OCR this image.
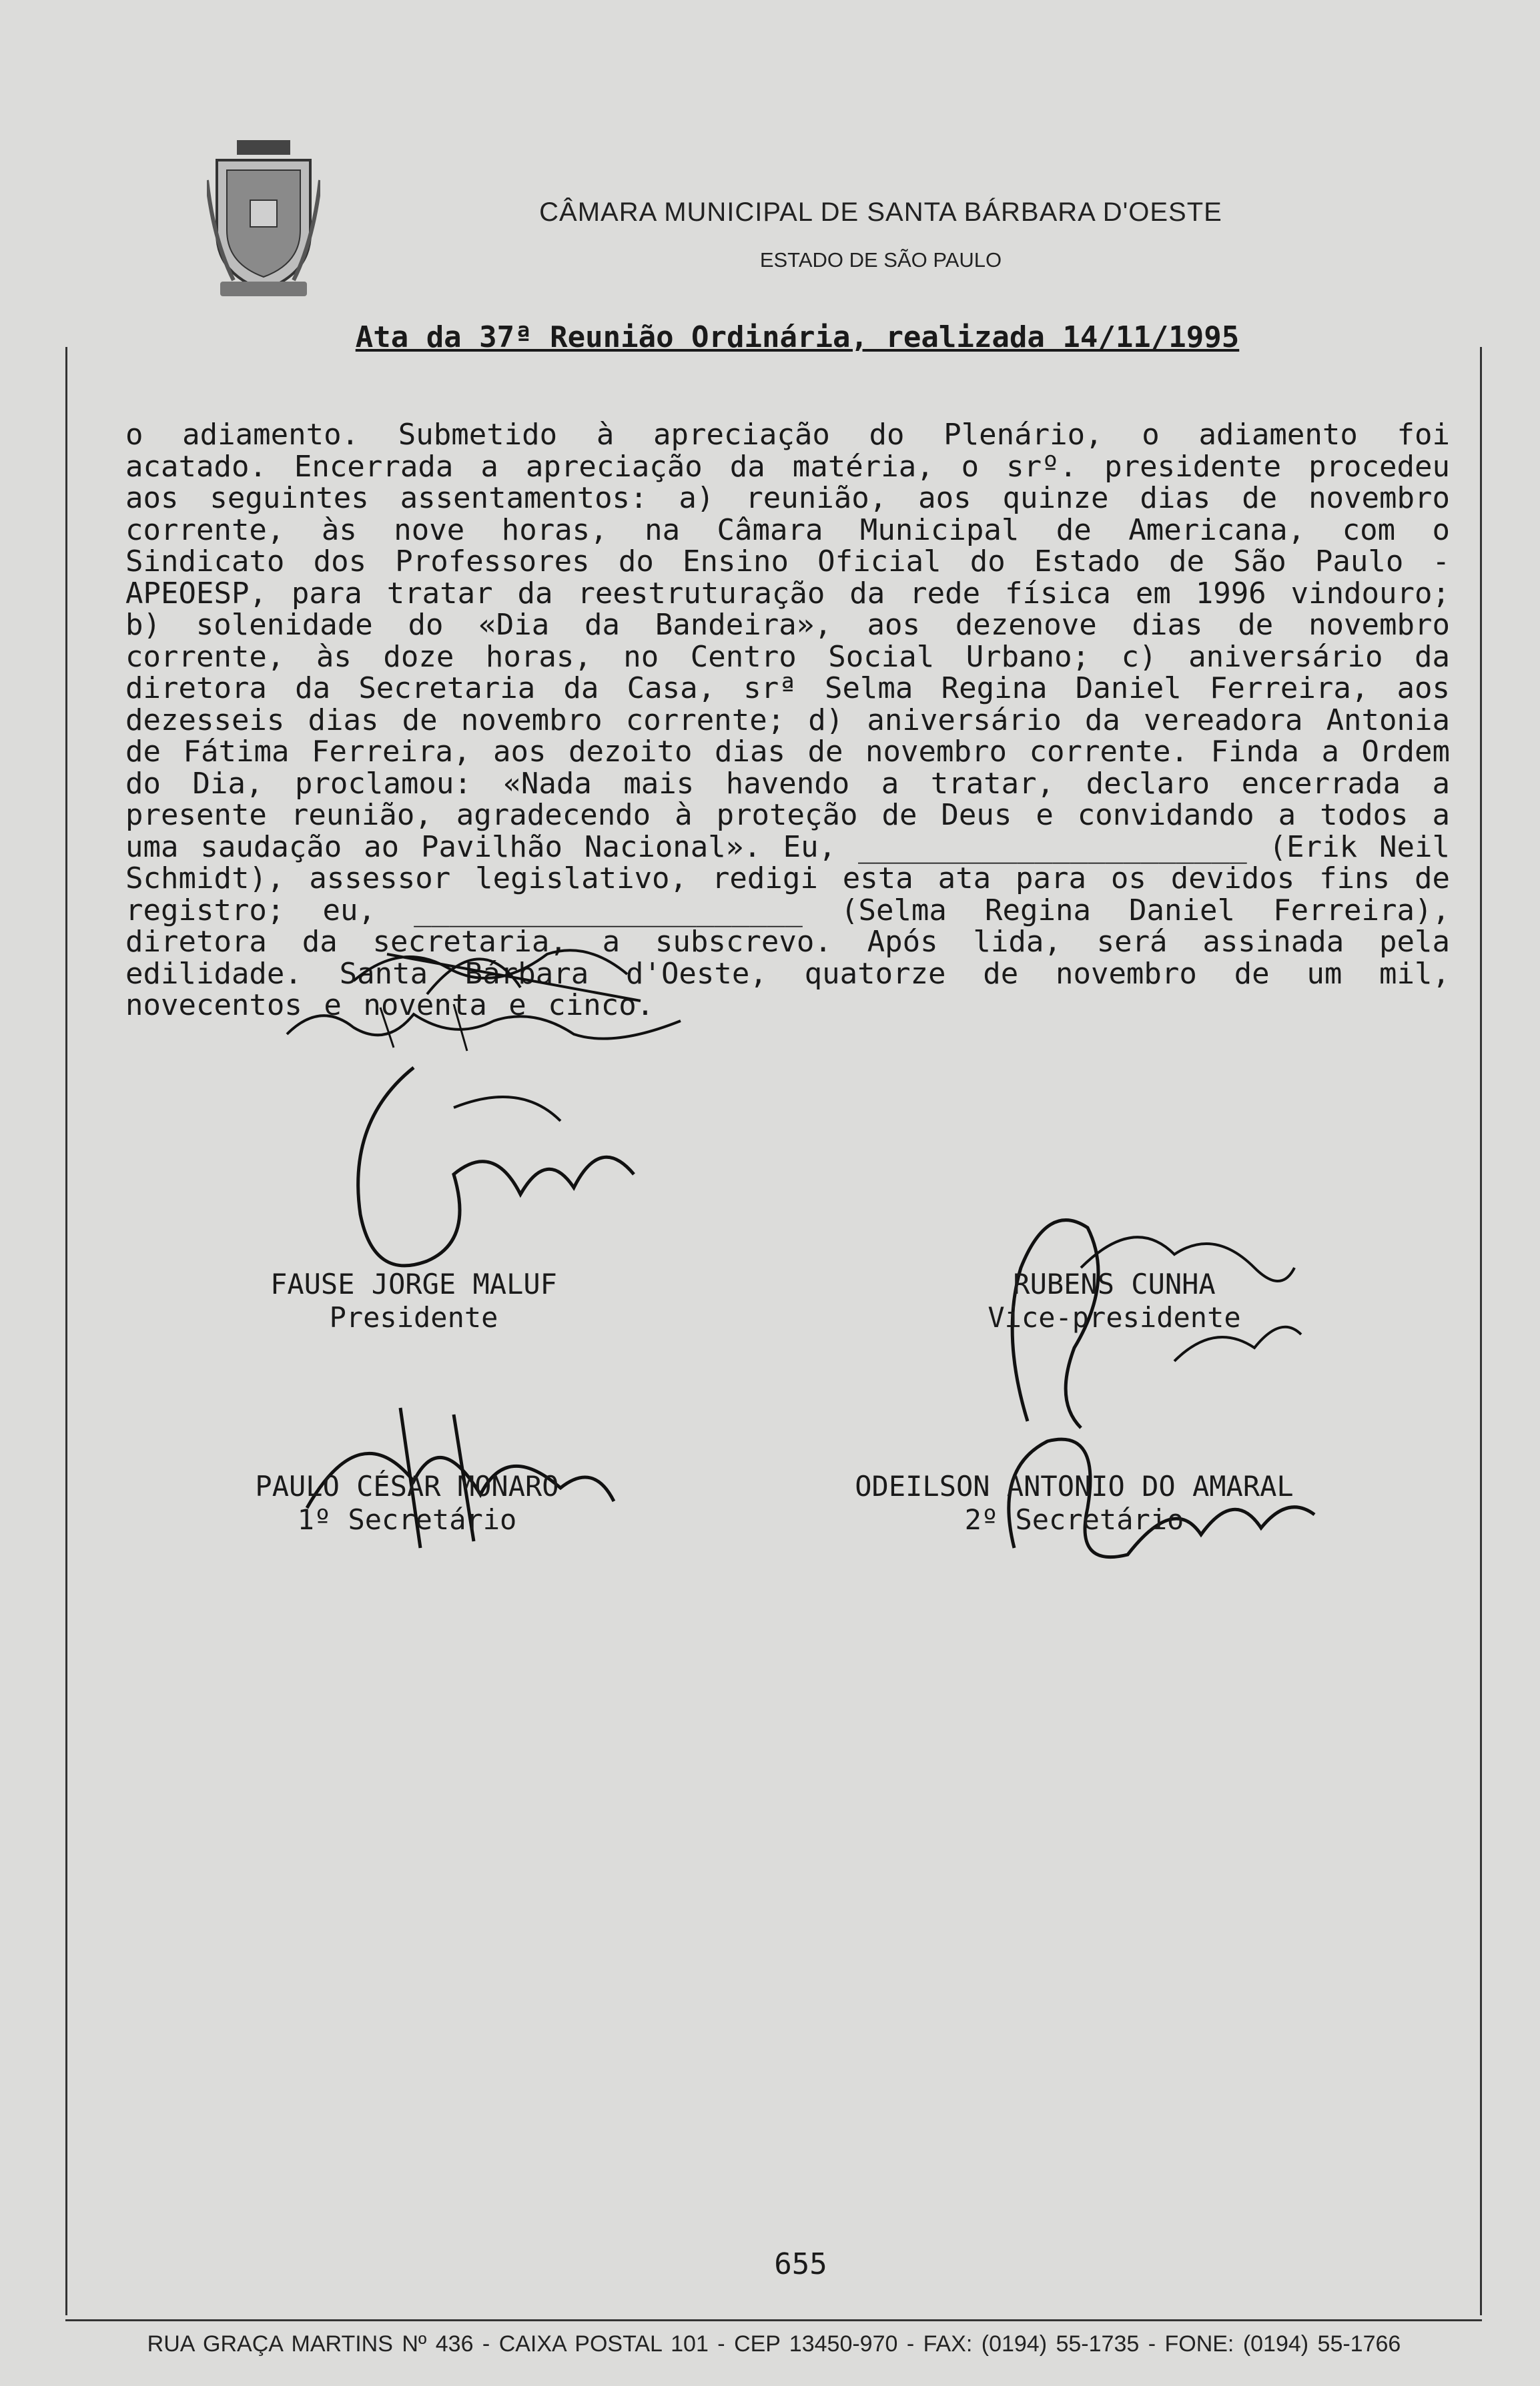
CÂMARA MUNICIPAL DE SANTA BÁRBARA D'OESTE
ESTADO DE SÃO PAULO
Ata da 37ª Reunião Ordinária, realizada 14/11/1995

o adiamento. Submetido à apreciação do Plenário, o adiamento foi acatado. Encerrada a apreciação da matéria, o srº. presidente procedeu aos seguintes assentamentos: a) reunião, aos quinze dias de novembro corrente, às nove horas, na Câmara Municipal de Americana, com o Sindicato dos Professores do Ensino Oficial do Estado de São Paulo - APEOESP, para tratar da reestruturação da rede física em 1996 vindouro; b) solenidade do «Dia da Bandeira», aos dezenove dias de novembro corrente, às doze horas, no Centro Social Urbano; c) aniversário da diretora da Secretaria da Casa, srª Selma Regina Daniel Ferreira, aos dezesseis dias de novembro corrente; d) aniversário da vereadora Antonia de Fátima Ferreira, aos dezoito dias de novembro corrente. Finda a Ordem do Dia, proclamou: «Nada mais havendo a tratar, declaro encerrada a presente reunião, agradecendo à proteção de Deus e convidando a todos a uma saudação ao Pavilhão Nacional». Eu, ______________________ (Erik Neil Schmidt), assessor legislativo, redigi esta ata para os devidos fins de registro; eu, ______________________ (Selma Regina Daniel Ferreira), diretora da secretaria, a subscrevo. Após lida, será assinada pela edilidade. Santa Bárbara d'Oeste, quatorze de novembro de um mil, novecentos e noventa e cinco.

FAUSE JORGE MALUF
Presidente
RUBENS CUNHA
Vice-presidente
PAULO CÉSAR MONARO
1º Secretário
ODEILSON ANTONIO DO AMARAL
2º Secretário
655
RUA GRAÇA MARTINS Nº 436 - CAIXA POSTAL 101 - CEP 13450-970 - FAX: (0194) 55-1735 - FONE: (0194) 55-1766
